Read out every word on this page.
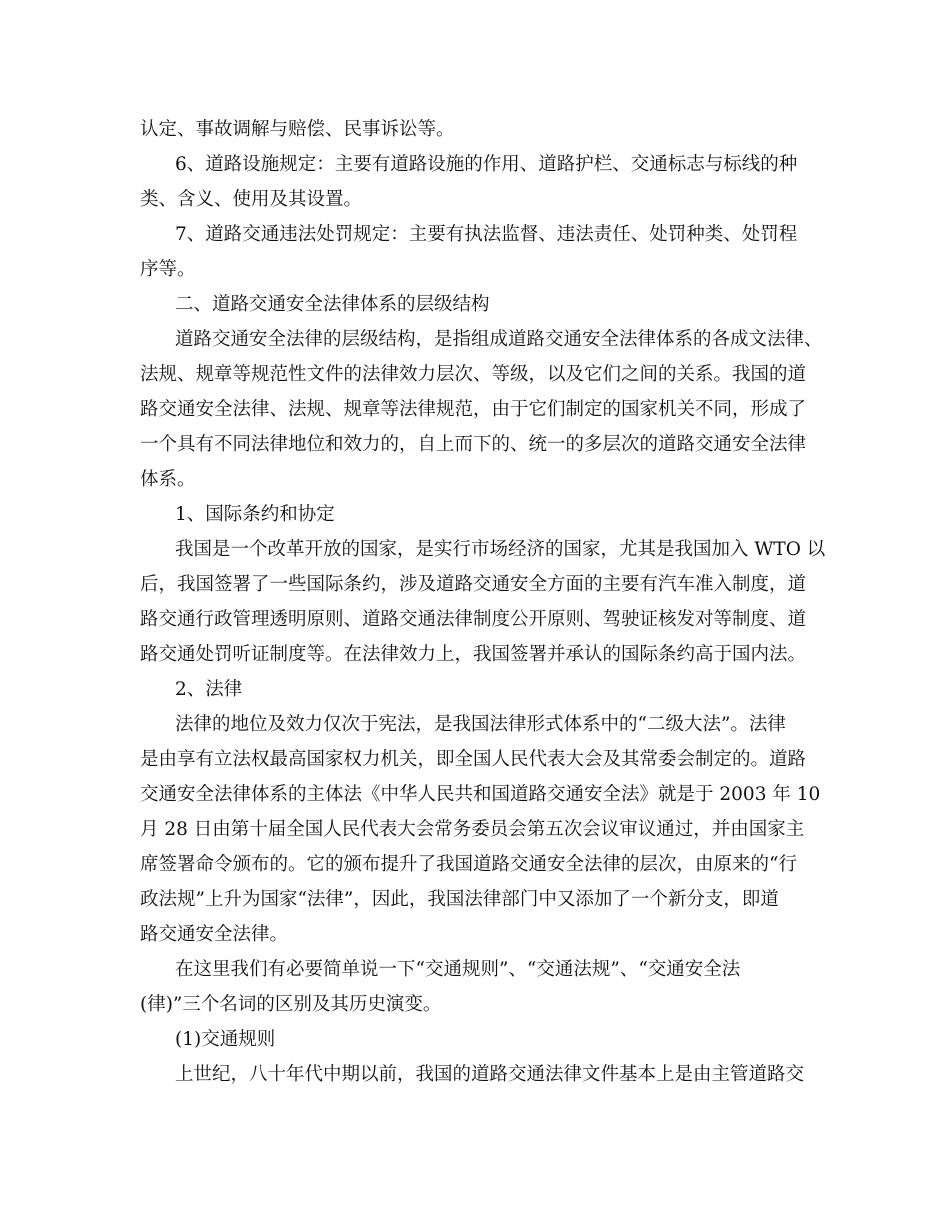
认定、事故调解与赔偿、民事诉讼等。
6、道路设施规定：主要有道路设施的作用、道路护栏、交通标志与标线的种
类、含义、使用及其设置。
7、道路交通违法处罚规定：主要有执法监督、违法责任、处罚种类、处罚程
序等。
二、道路交通安全法律体系的层级结构
道路交通安全法律的层级结构，是指组成道路交通安全法律体系的各成文法律、
法规、规章等规范性文件的法律效力层次、等级，以及它们之间的关系。我国的道
路交通安全法律、法规、规章等法律规范，由于它们制定的国家机关不同，形成了
一个具有不同法律地位和效力的，自上而下的、统一的多层次的道路交通安全法律
体系。
1、国际条约和协定
我国是一个改革开放的国家，是实行市场经济的国家，尤其是我国加入 WTO 以
后，我国签署了一些国际条约，涉及道路交通安全方面的主要有汽车准入制度，道
路交通行政管理透明原则、道路交通法律制度公开原则、驾驶证核发对等制度、道
路交通处罚听证制度等。在法律效力上，我国签署并承认的国际条约高于国内法。
2、法律
法律的地位及效力仅次于宪法，是我国法律形式体系中的“二级大法”。法律
是由享有立法权最高国家权力机关，即全国人民代表大会及其常委会制定的。道路
交通安全法律体系的主体法《中华人民共和国道路交通安全法》就是于 2003 年 10
月 28 日由第十届全国人民代表大会常务委员会第五次会议审议通过，并由国家主
席签署命令颁布的。它的颁布提升了我国道路交通安全法律的层次，由原来的“行
政法规”上升为国家“法律”，因此，我国法律部门中又添加了一个新分支，即道
路交通安全法律。
在这里我们有必要简单说一下“交通规则”、“交通法规”、“交通安全法
(律)”三个名词的区别及其历史演变。
(1)交通规则
上世纪，八十年代中期以前，我国的道路交通法律文件基本上是由主管道路交
